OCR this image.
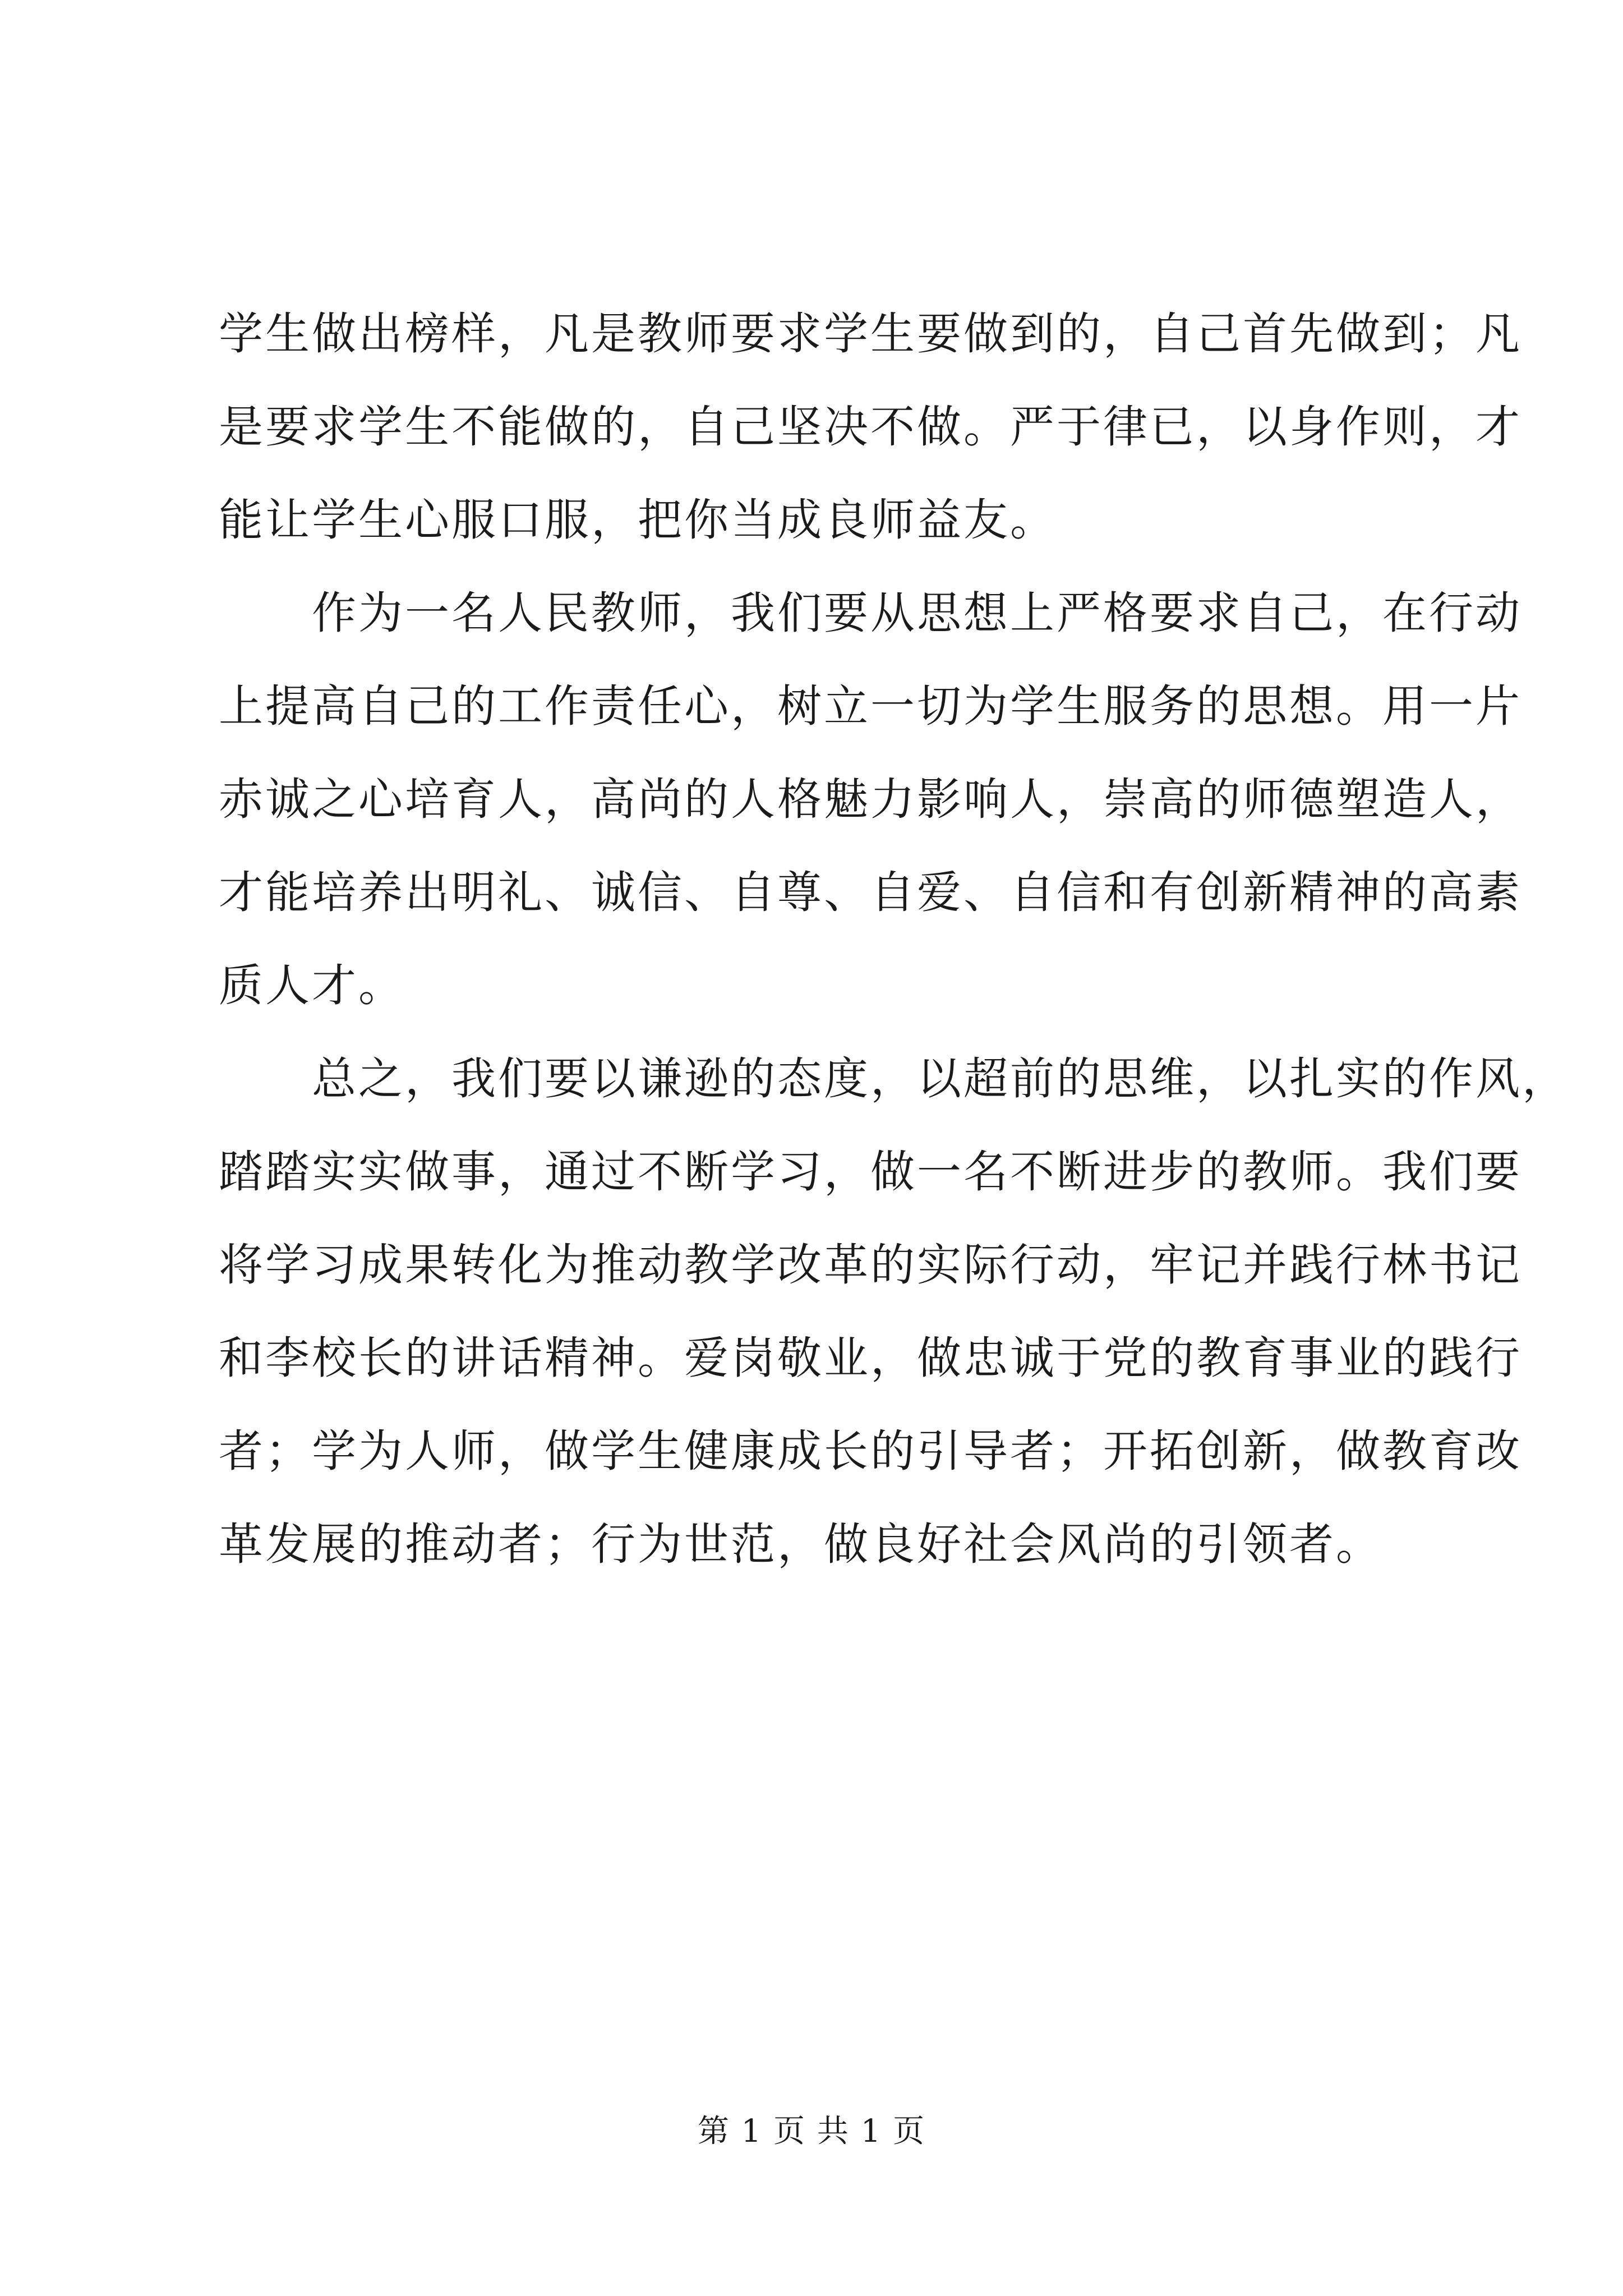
学生做出榜样，凡是教师要求学生要做到的，自己首先做到；凡
是要求学生不能做的，自己坚决不做。严于律已，以身作则，才
能让学生心服口服，把你当成良师益友。
　　作为一名人民教师，我们要从思想上严格要求自己，在行动
上提高自己的工作责任心，树立一切为学生服务的思想。用一片
赤诚之心培育人，高尚的人格魅力影响人，崇高的师德塑造人，
才能培养出明礼、诚信、自尊、自爱、自信和有创新精神的高素
质人才。
　　总之，我们要以谦逊的态度，以超前的思维，以扎实的作风，
踏踏实实做事，通过不断学习，做一名不断进步的教师。我们要
将学习成果转化为推动教学改革的实际行动，牢记并践行林书记
和李校长的讲话精神。爱岗敬业，做忠诚于党的教育事业的践行
者；学为人师，做学生健康成长的引导者；开拓创新，做教育改
革发展的推动者；行为世范，做良好社会风尚的引领者。
第 1 页 共 1 页
